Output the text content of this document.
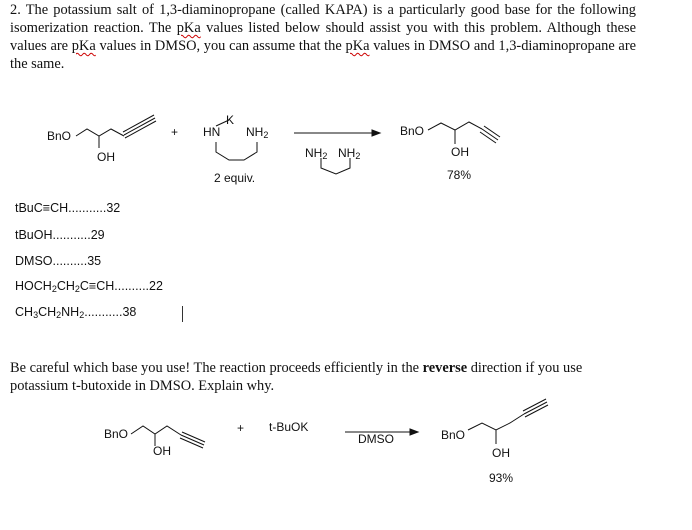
2. The potassium salt of 1,3-diaminopropane (called KAPA) is a particularly good base for the following isomerization reaction. The pKa values listed below should assist you with this problem. Although these values are pKa values in DMSO, you can assume that the pKa values in DMSO and 1,3-diaminopropane are the same.
BnO
OH
+
K
HN $NH_2$
2 equiv.
$NH_2$ $NH_2$
BnO
OH
78%
tBuC≡CH...........32
tBuOH...........29
DMSO..........35
$HOCH_2CH_2C\equiv CH..........22$
$CH_3CH_2NH_2...........38$
Be careful which base you use! The reaction proceeds efficiently in the reverse direction if you use potassium t-butoxide in DMSO. Explain why.
BnO
OH
+ t-BuOK
DMSO	BnO
OH
93%
